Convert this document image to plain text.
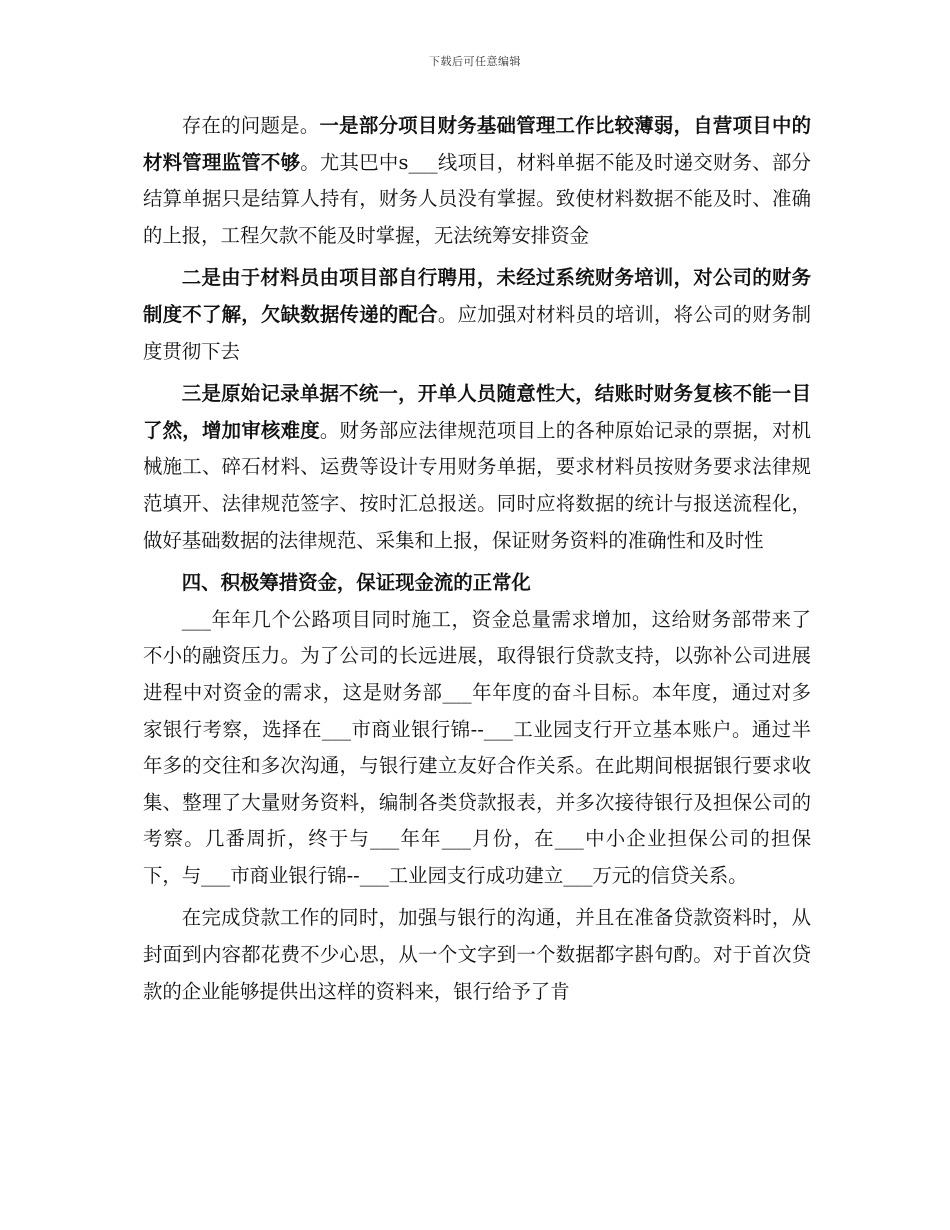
下载后可任意编辑

存在的问题是。一是部分项目财务基础管理工作比较薄弱，自营项目中的材料管理监管不够。尤其巴中s___线项目，材料单据不能及时递交财务、部分结算单据只是结算人持有，财务人员没有掌握。致使材料数据不能及时、准确的上报，工程欠款不能及时掌握，无法统筹安排资金

二是由于材料员由项目部自行聘用，未经过系统财务培训，对公司的财务制度不了解，欠缺数据传递的配合。应加强对材料员的培训，将公司的财务制度贯彻下去

三是原始记录单据不统一，开单人员随意性大，结账时财务复核不能一目了然，增加审核难度。财务部应法律规范项目上的各种原始记录的票据，对机械施工、碎石材料、运费等设计专用财务单据，要求材料员按财务要求法律规范填开、法律规范签字、按时汇总报送。同时应将数据的统计与报送流程化，做好基础数据的法律规范、采集和上报，保证财务资料的准确性和及时性

四、积极筹措资金，保证现金流的正常化

___年年几个公路项目同时施工，资金总量需求增加，这给财务部带来了不小的融资压力。为了公司的长远进展，取得银行贷款支持，以弥补公司进展进程中对资金的需求，这是财务部___年年度的奋斗目标。本年度，通过对多家银行考察，选择在___市商业银行锦--___工业园支行开立基本账户。通过半年多的交往和多次沟通，与银行建立友好合作关系。在此期间根据银行要求收集、整理了大量财务资料，编制各类贷款报表，并多次接待银行及担保公司的考察。几番周折，终于与___年年___月份，在___中小企业担保公司的担保下，与___市商业银行锦--___工业园支行成功建立___万元的信贷关系。

在完成贷款工作的同时，加强与银行的沟通，并且在准备贷款资料时，从封面到内容都花费不少心思，从一个文字到一个数据都字斟句酌。对于首次贷款的企业能够提供出这样的资料来，银行给予了肯
